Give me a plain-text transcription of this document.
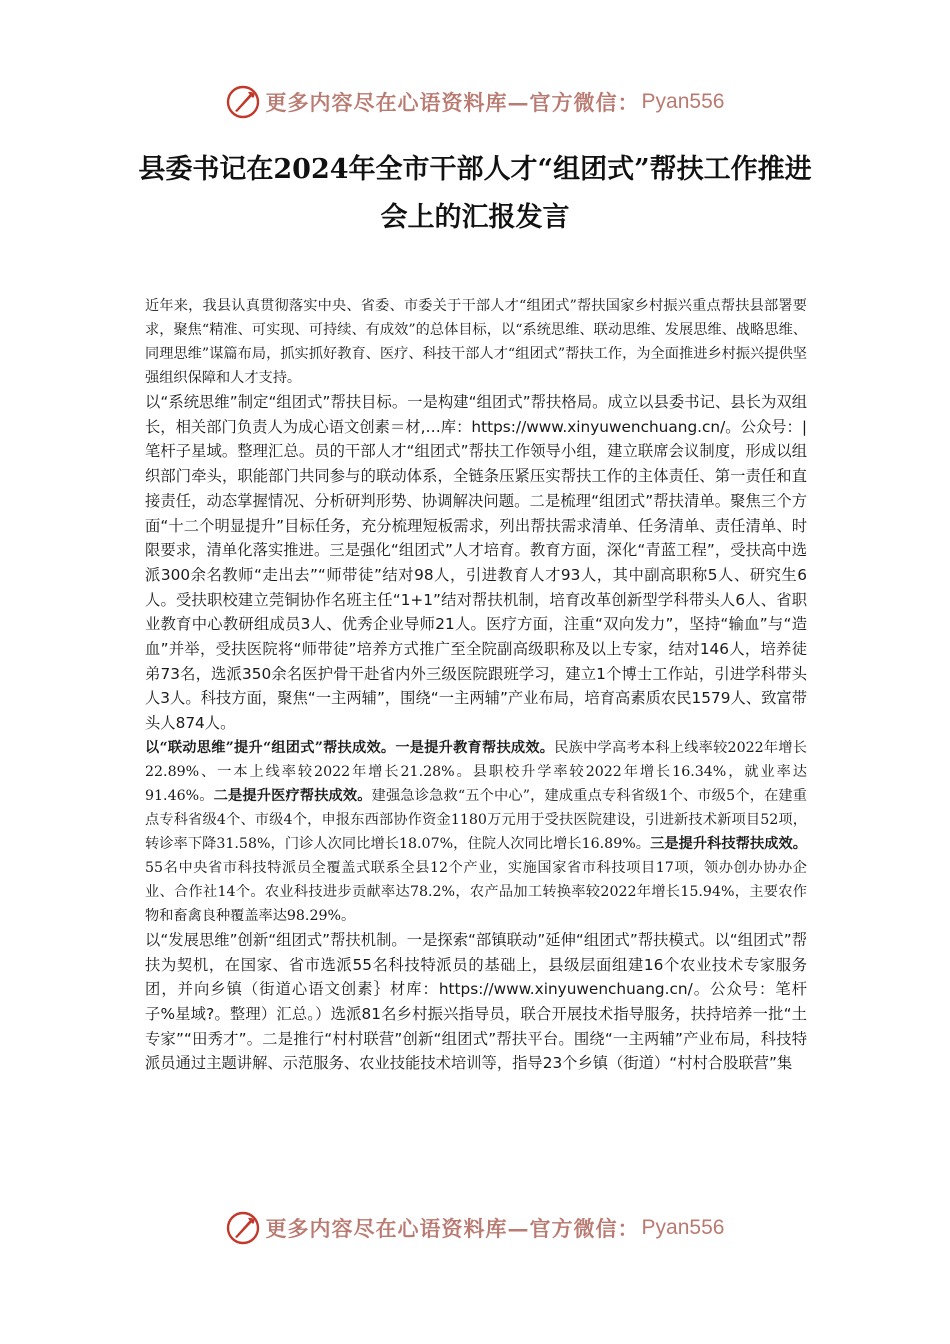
更多内容尽在心语资料库—官方微信： Pyan556
县委书记在2024年全市干部人才“组团式”帮扶工作推进会上的汇报发言

近年来，我县认真贯彻落实中央、省委、市委关于干部人才“组团式”帮扶国家乡村振兴重点帮扶县部署要求，聚焦“精准、可实现、可持续、有成效”的总体目标，以“系统思维、联动思维、发展思维、战略思维、同理思维”谋篇布局，抓实抓好教育、医疗、科技干部人才“组团式”帮扶工作，为全面推进乡村振兴提供坚强组织保障和人才支持。

以“系统思维”制定“组团式”帮扶目标。一是构建“组团式”帮扶格局。成立以县委书记、县长为双组长，相关部门负责人为成心语文创素＝材,…库：https://www.xinyuwenchuang.cn/。公众号：|笔杆子星域。整理汇总。员的干部人才“组团式”帮扶工作领导小组，建立联席会议制度，形成以组织部门牵头，职能部门共同参与的联动体系，全链条压紧压实帮扶工作的主体责任、第一责任和直接责任，动态掌握情况、分析研判形势、协调解决问题。二是梳理“组团式”帮扶清单。聚焦三个方面“十二个明显提升”目标任务，充分梳理短板需求，列出帮扶需求清单、任务清单、责任清单、时限要求，清单化落实推进。三是强化“组团式”人才培育。教育方面，深化“青蓝工程”，受扶高中选派300余名教师“走出去”“师带徒”结对98人，引进教育人才93人，其中副高职称5人、研究生6人。受扶职校建立莞铜协作名班主任“1+1”结对帮扶机制，培育改革创新型学科带头人6人、省职业教育中心教研组成员3人、优秀企业导师21人。医疗方面，注重“双向发力”，坚持“输血”与“造血”并举，受扶医院将“师带徒”培养方式推广至全院副高级职称及以上专家，结对146人，培养徒弟73名，选派350余名医护骨干赴省内外三级医院跟班学习，建立1个博士工作站，引进学科带头人3人。科技方面，聚焦“一主两辅”，围绕“一主两辅”产业布局，培育高素质农民1579人、致富带头人874人。

以“联动思维”提升“组团式”帮扶成效。一是提升教育帮扶成效。民族中学高考本科上线率较2022年增长22.89%、一本上线率较2022年增长21.28%。县职校升学率较2022年增长16.34%，就业率达91.46%。二是提升医疗帮扶成效。建强急诊急救“五个中心”，建成重点专科省级1个、市级5个，在建重点专科省级4个、市级4个，申报东西部协作资金1180万元用于受扶医院建设，引进新技术新项目52项，转诊率下降31.58%，门诊人次同比增长18.07%，住院人次同比增长16.89%。三是提升科技帮扶成效。55名中央省市科技特派员全覆盖式联系全县12个产业，实施国家省市科技项目17项，领办创办协办企业、合作社14个。农业科技进步贡献率达78.2%，农产品加工转换率较2022年增长15.94%，主要农作物和畜禽良种覆盖率达98.29%。

以“发展思维”创新“组团式”帮扶机制。一是探索“部镇联动”延伸“组团式”帮扶模式。以“组团式”帮扶为契机，在国家、省市选派55名科技特派员的基础上，县级层面组建16个农业技术专家服务团，并向乡镇（街道心语文创素｝材库：https://www.xinyuwenchuang.cn/。公众号：笔杆子%星域?。整理）汇总。）选派81名乡村振兴指导员，联合开展技术指导服务，扶持培养一批“土专家”“田秀才”。二是推行“村村联营”创新“组团式”帮扶平台。围绕“一主两辅”产业布局，科技特派员通过主题讲解、示范服务、农业技能技术培训等，指导23个乡镇（街道）“村村合股联营”集

更多内容尽在心语资料库—官方微信： Pyan556
